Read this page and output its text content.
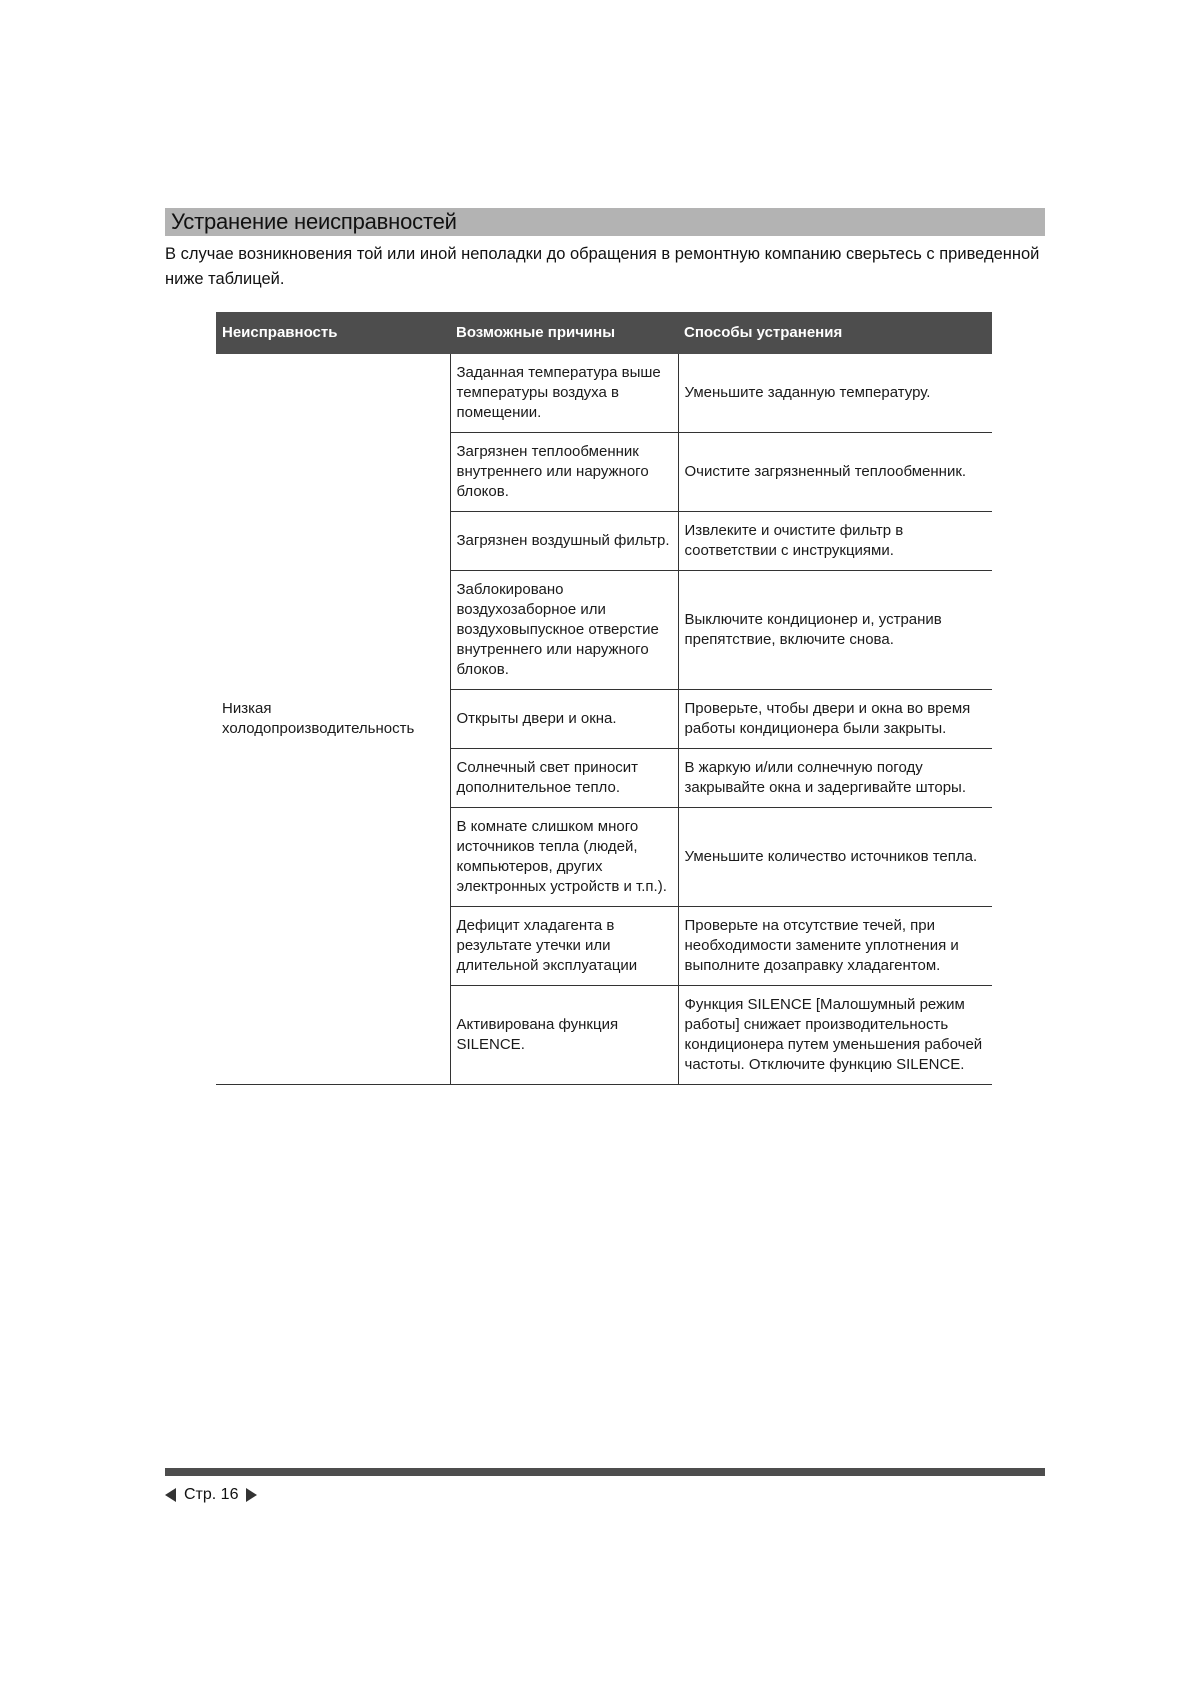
Устранение неисправностей
В случае возникновения той или иной неполадки до обращения в ремонтную компанию сверьтесь с приведенной ниже таблицей.
Неисправность	Возможные причины	Способы устранения
Низкая холодопроизводительность	Заданная температура выше температуры воздуха в помещении.	Уменьшите заданную температуру.
	Загрязнен теплообменник внутреннего или наружного блоков.	Очистите загрязненный теплообменник.
	Загрязнен воздушный фильтр.	Извлеките и очистите фильтр в соответствии с инструкциями.
	Заблокировано воздухозаборное или воздуховыпускное отверстие внутреннего или наружного блоков.	Выключите кондиционер и, устранив препятствие, включите снова.
	Открыты двери и окна.	Проверьте, чтобы двери и окна во время работы кондиционера были закрыты.
	Солнечный свет приносит дополнительное тепло.	В жаркую и/или солнечную погоду закрывайте окна и задергивайте шторы.
	В комнате слишком много источников тепла (людей, компьютеров, других электронных устройств и т.п.).	Уменьшите количество источников тепла.
	Дефицит хладагента в результате утечки или длительной эксплуатации	Проверьте на отсутствие течей, при необходимости замените уплотнения и выполните дозаправку хладагентом.
	Активирована функция SILENCE.	Функция SILENCE [Малошумный режим работы] снижает производительность кондиционера путем уменьшения рабочей частоты. Отключите функцию SILENCE.
Стр. 16
